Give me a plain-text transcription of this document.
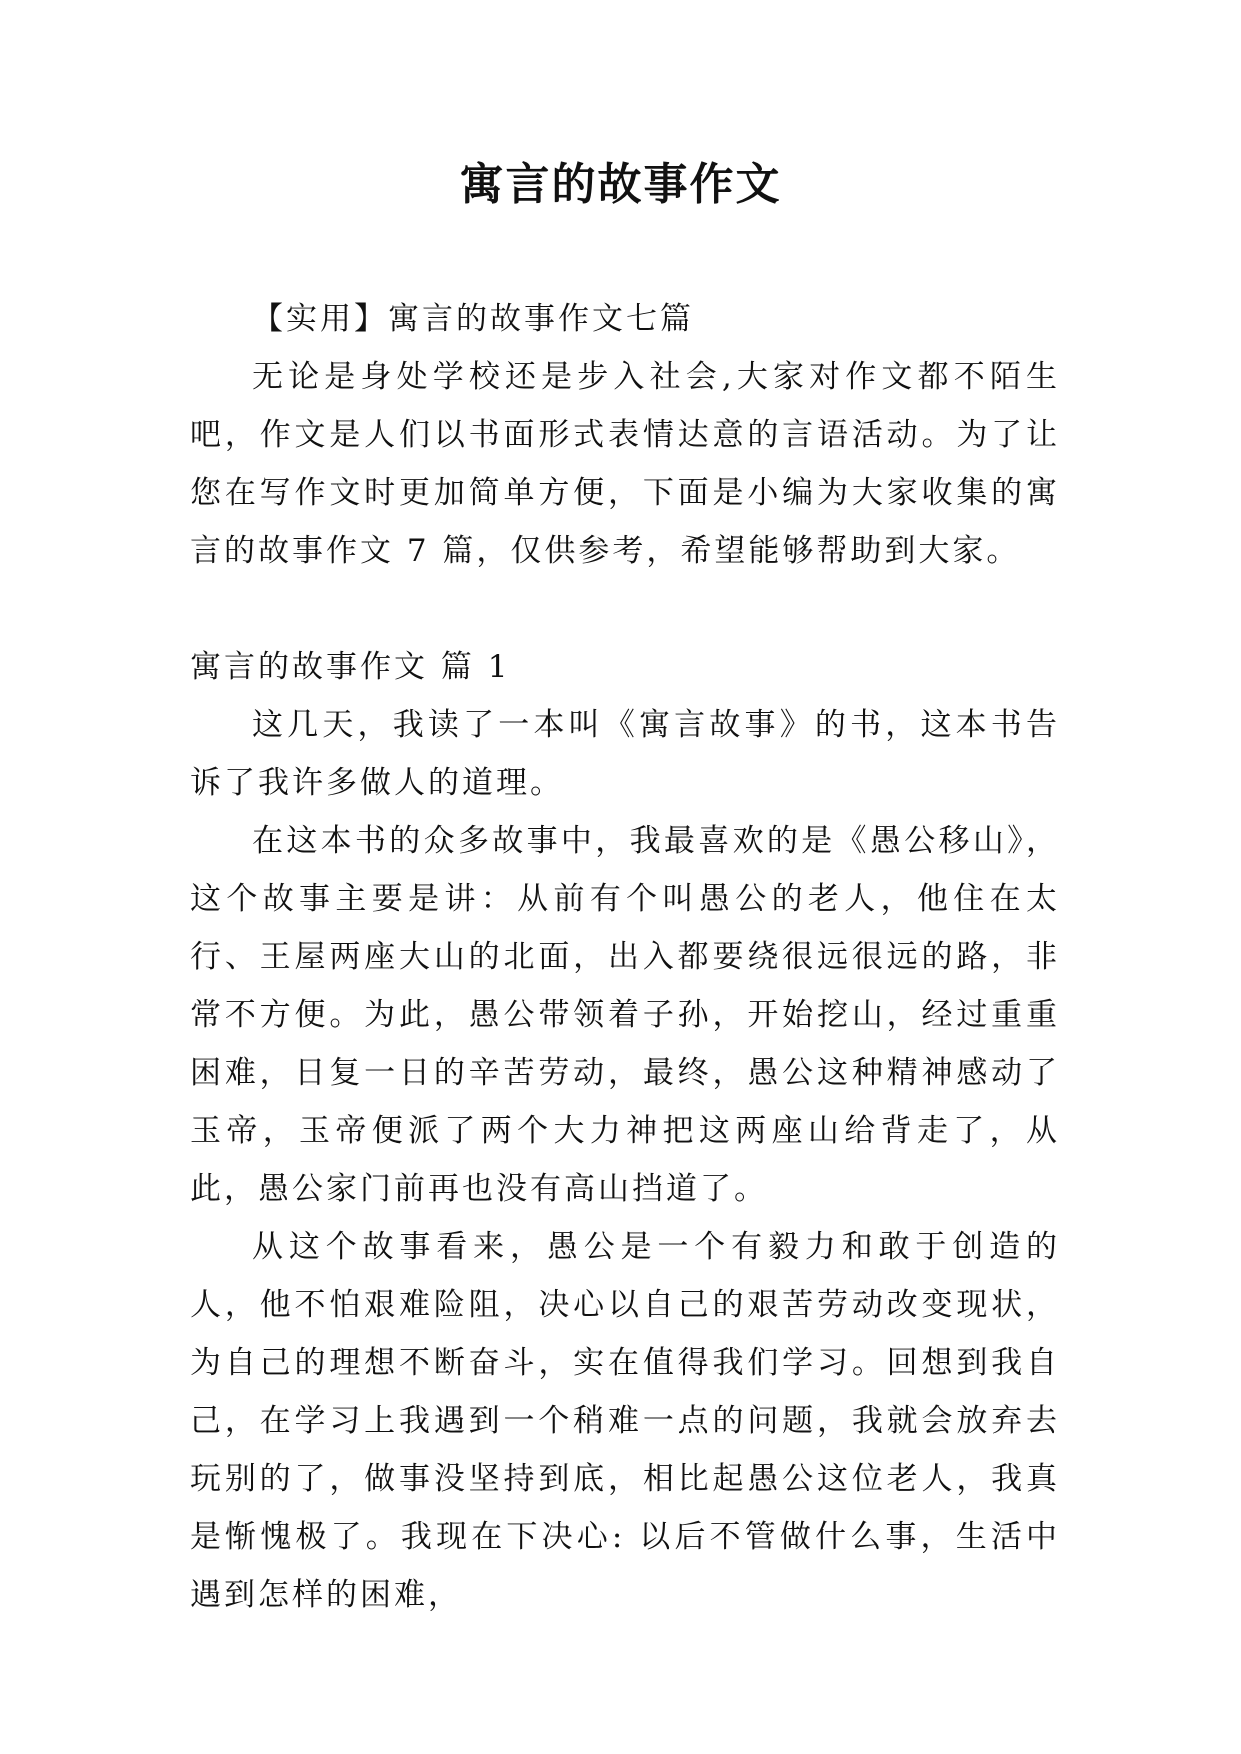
寓言的故事作文

【实用】寓言的故事作文七篇

无论是身处学校还是步入社会,大家对作文都不陌生吧，作文是人们以书面形式表情达意的言语活动。为了让您在写作文时更加简单方便，下面是小编为大家收集的寓言的故事作文 7 篇，仅供参考，希望能够帮助到大家。

寓言的故事作文 篇 1

这几天，我读了一本叫《寓言故事》的书，这本书告诉了我许多做人的道理。

在这本书的众多故事中，我最喜欢的是《愚公移山》，这个故事主要是讲：从前有个叫愚公的老人，他住在太行、王屋两座大山的北面，出入都要绕很远很远的路，非常不方便。为此，愚公带领着子孙，开始挖山，经过重重困难，日复一日的辛苦劳动，最终，愚公这种精神感动了玉帝，玉帝便派了两个大力神把这两座山给背走了，从此，愚公家门前再也没有高山挡道了。

从这个故事看来，愚公是一个有毅力和敢于创造的人，他不怕艰难险阻，决心以自己的艰苦劳动改变现状，为自己的理想不断奋斗，实在值得我们学习。回想到我自己，在学习上我遇到一个稍难一点的问题，我就会放弃去玩别的了，做事没坚持到底，相比起愚公这位老人，我真是惭愧极了。我现在下决心: 以后不管做什么事，生活中遇到怎样的困难，
